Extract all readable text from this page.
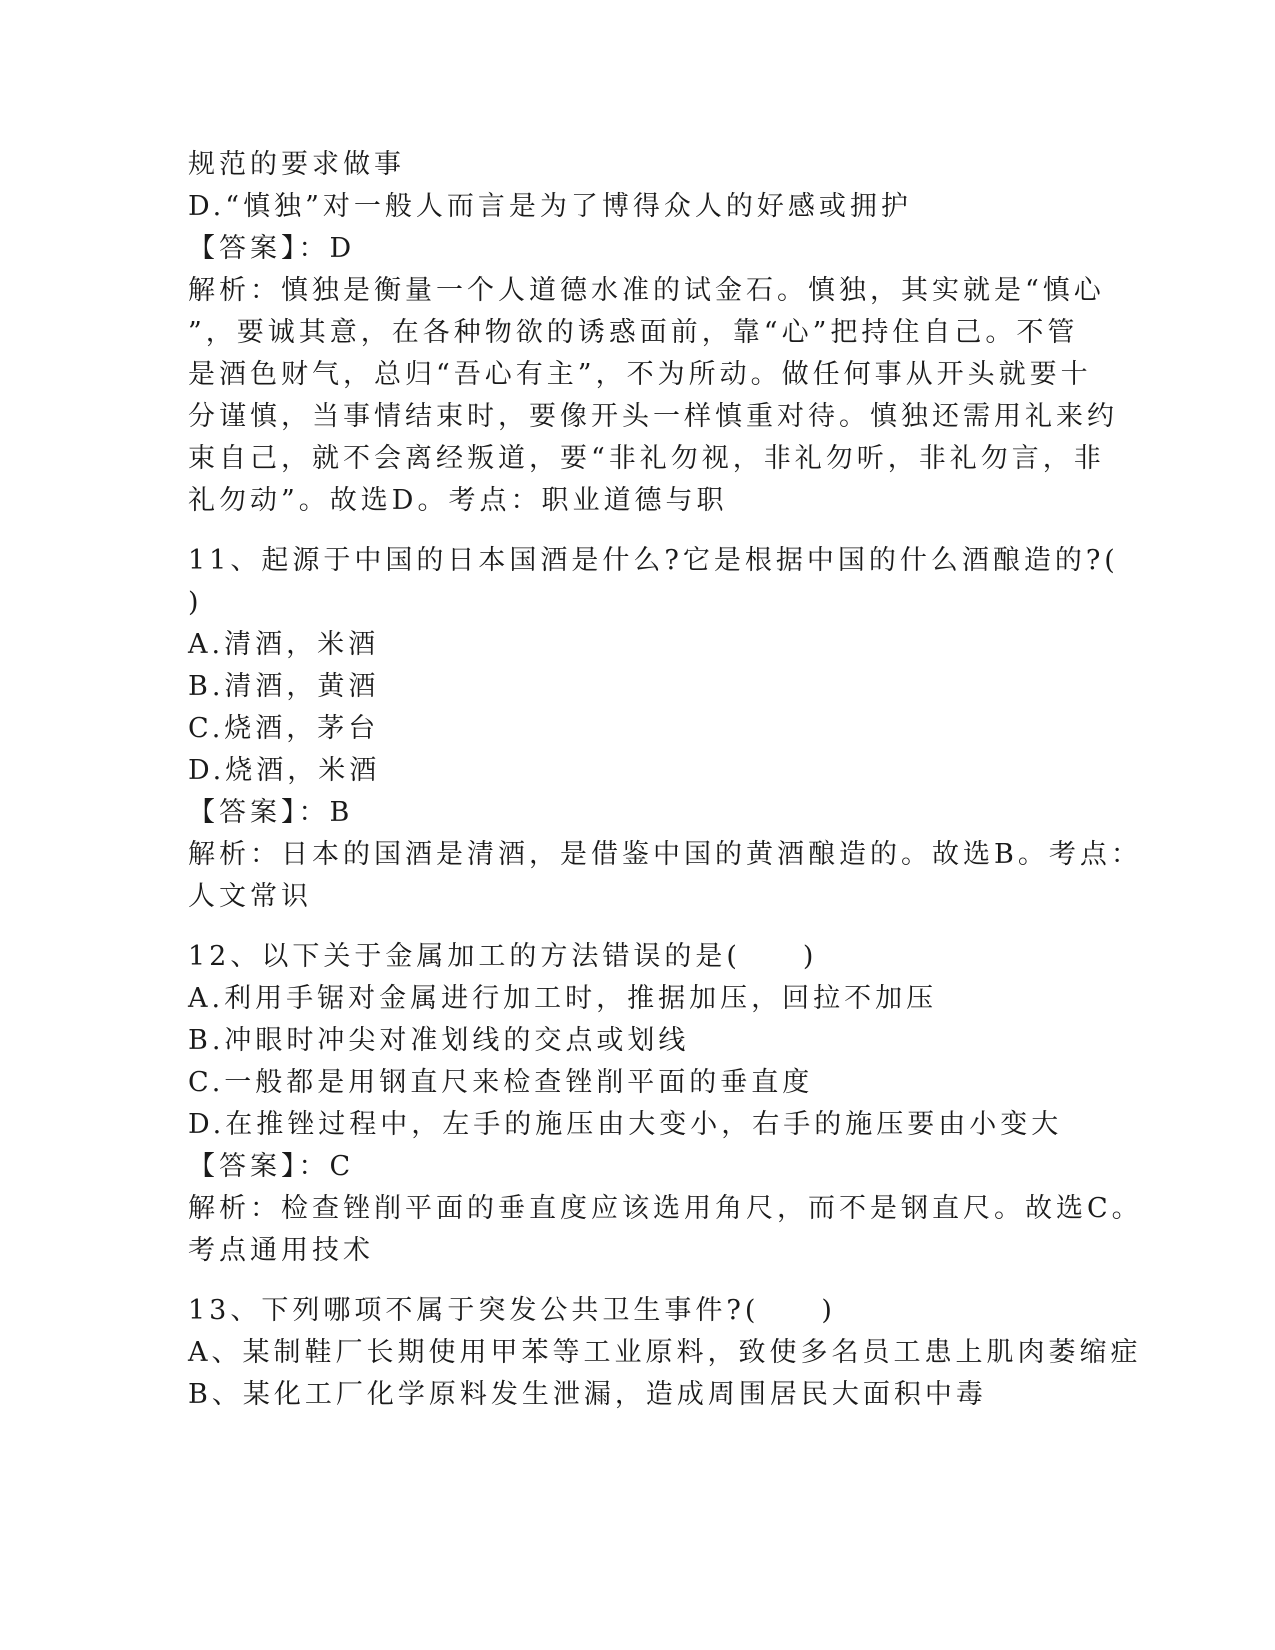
规范的要求做事
D.“慎独”对一般人而言是为了博得众人的好感或拥护
【答案】：D
解析：慎独是衡量一个人道德水准的试金石。慎独，其实就是“慎心
”，要诚其意，在各种物欲的诱惑面前，靠“心”把持住自己。不管
是酒色财气，总归“吾心有主”，不为所动。做任何事从开头就要十
分谨慎，当事情结束时，要像开头一样慎重对待。慎独还需用礼来约
束自己，就不会离经叛道，要“非礼勿视，非礼勿听，非礼勿言，非
礼勿动”。故选D。考点：职业道德与职
11、起源于中国的日本国酒是什么?它是根据中国的什么酒酿造的?(
)
A.清酒，米酒
B.清酒，黄酒
C.烧酒，茅台
D.烧酒，米酒
【答案】：B
解析：日本的国酒是清酒，是借鉴中国的黄酒酿造的。故选B。考点：
人文常识
12、以下关于金属加工的方法错误的是(　　)
A.利用手锯对金属进行加工时，推据加压，回拉不加压
B.冲眼时冲尖对准划线的交点或划线
C.一般都是用钢直尺来检查锉削平面的垂直度
D.在推锉过程中，左手的施压由大变小，右手的施压要由小变大
【答案】：C
解析：检查锉削平面的垂直度应该选用角尺，而不是钢直尺。故选C。
考点通用技术
13、下列哪项不属于突发公共卫生事件?(　　)
A、某制鞋厂长期使用甲苯等工业原料，致使多名员工患上肌肉萎缩症
B、某化工厂化学原料发生泄漏，造成周围居民大面积中毒
